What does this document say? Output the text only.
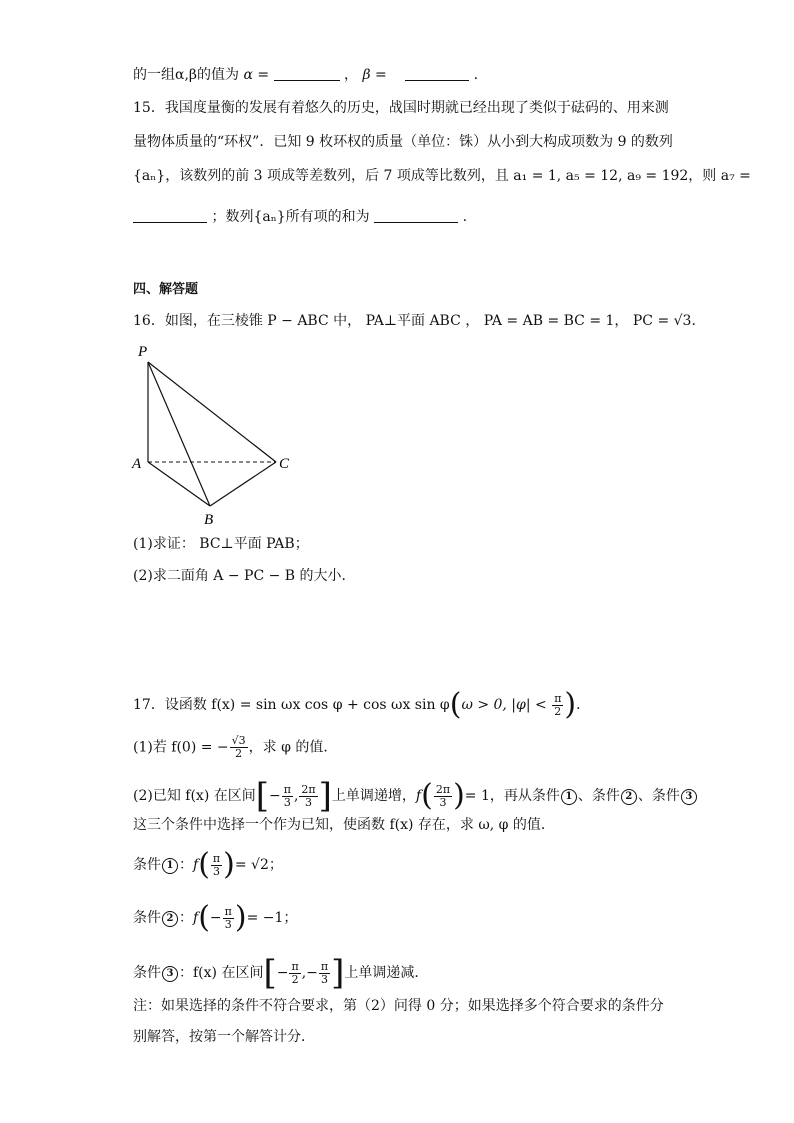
的一组α,β的值为 α =	， β =	.
15．我国度量衡的发展有着悠久的历史，战国时期就已经出现了类似于砝码的、用来测
量物体质量的“环权”．已知 9 枚环权的质量（单位：铢）从小到大构成项数为 9 的数列
{aₙ}，该数列的前 3 项成等差数列，后 7 项成等比数列，且 a₁ = 1, a₅ = 12, a₉ = 192，则 a₇ =
；数列{aₙ}所有项的和为	.
四、解答题
16．如图，在三棱锥 P − ABC 中， PA⊥平面 ABC ， PA = AB = BC = 1， PC = √3．
P
A
B
C
(1)求证： BC⊥平面 PAB；
(2)求二面角 A − PC − B 的大小．
17．设函数 f(x) = sin ωx cos φ + cos ωx sin φ(ω > 0, $|\varphi| < \frac{\pi}{2}$ )．
(1)若 f(0) = − $\frac{√3}{2}$ ，求 φ 的值．
(2)已知 f(x) 在区间[− $\frac{\pi}{3}$ , $\frac{2\pi}{3}$ ]上单调递增，$f( \frac{2\pi}{3}$ )= 1，再从条件 1 、条件 2 、条件 3
这三个条件中选择一个作为已知，使函数 f(x) 存在，求 ω, φ 的值．
条件 1 ：$f( \frac{\pi}{3}$ )= √2；
条件 2 ：$f(- \frac{\pi}{3}$ )= −1；
条件 3 ：f(x) 在区间[− $\frac{\pi}{2}$ ,− $\frac{\pi}{3}$ ]上单调递减．
注：如果选择的条件不符合要求，第（2）问得 0 分；如果选择多个符合要求的条件分
别解答，按第一个解答计分．
